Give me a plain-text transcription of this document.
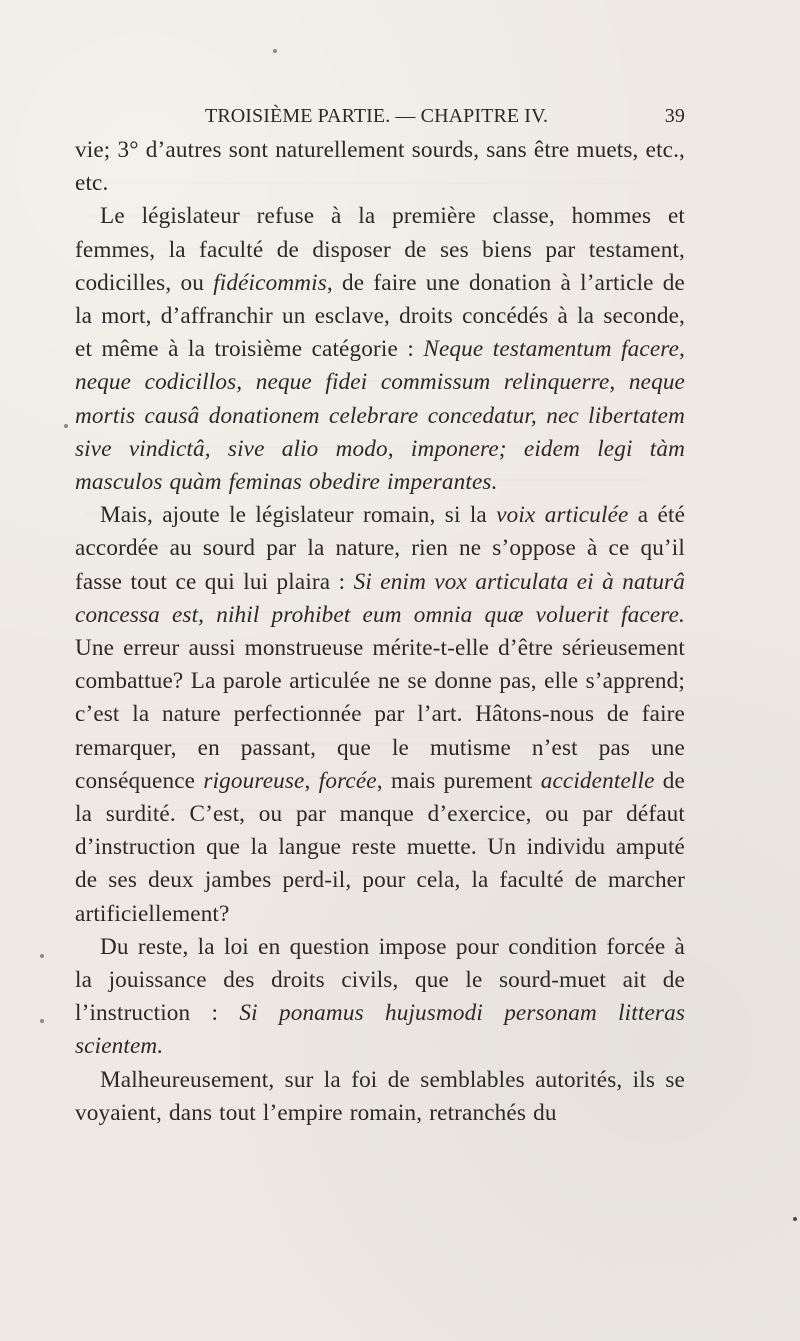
TROISIÈME PARTIE. — CHAPITRE IV.	39

vie; 3° d’autres sont naturellement sourds, sans être muets, etc., etc.

Le législateur refuse à la première classe, hommes et femmes, la faculté de disposer de ses biens par testament, codicilles, ou fidéicommis, de faire une donation à l’article de la mort, d’affranchir un esclave, droits concédés à la seconde, et même à la troisième catégorie : Neque testamentum facere, neque codicillos, neque fidei commissum relinquerre, neque mortis causâ donationem celebrare concedatur, nec libertatem sive vindictâ, sive alio modo, imponere; eidem legi tàm masculos quàm feminas obedire imperantes.

Mais, ajoute le législateur romain, si la voix articulée a été accordée au sourd par la nature, rien ne s’oppose à ce qu’il fasse tout ce qui lui plaira : Si enim vox articulata ei à naturâ concessa est, nihil prohibet eum omnia quæ voluerit facere. Une erreur aussi monstrueuse mérite-t-elle d’être sérieusement combattue? La parole articulée ne se donne pas, elle s’apprend; c’est la nature perfectionnée par l’art. Hâtons-nous de faire remarquer, en passant, que le mutisme n’est pas une conséquence rigoureuse, forcée, mais purement accidentelle de la surdité. C’est, ou par manque d’exercice, ou par défaut d’instruction que la langue reste muette. Un individu amputé de ses deux jambes perd-il, pour cela, la faculté de marcher artificiellement?

Du reste, la loi en question impose pour condition forcée à la jouissance des droits civils, que le sourd-muet ait de l’instruction : Si ponamus hujusmodi personam litteras scientem.

Malheureusement, sur la foi de semblables autorités, ils se voyaient, dans tout l’empire romain, retranchés du
